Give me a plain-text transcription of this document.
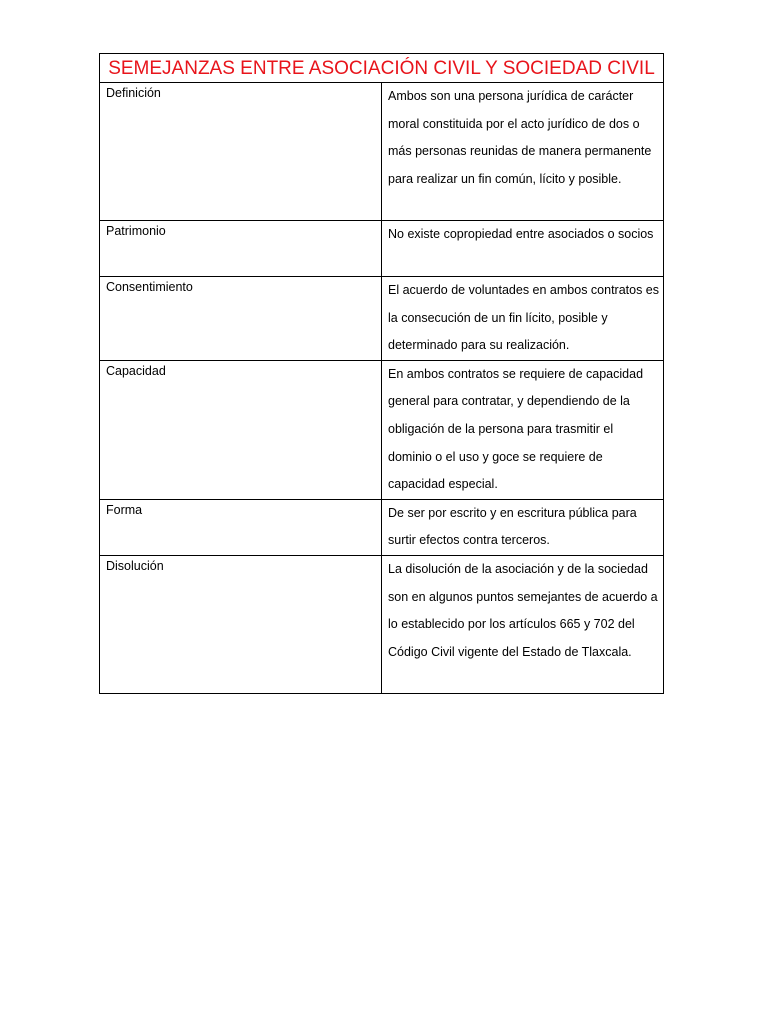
SEMEJANZAS ENTRE ASOCIACIÓN CIVIL Y SOCIEDAD CIVIL	
Definición	Ambos son una persona jurídica de carácter moral constituida por el acto jurídico de dos o más personas reunidas de manera permanente para realizar un fin común, lícito y posible.
Patrimonio	No existe copropiedad entre asociados o socios
Consentimiento	El acuerdo de voluntades en ambos contratos es la consecución de un fin lícito, posible y determinado para su realización.
Capacidad	En ambos contratos se requiere de capacidad general para contratar, y dependiendo de la obligación de la persona para trasmitir el dominio o el uso y goce se requiere de capacidad especial.
Forma	De ser por escrito y en escritura pública para surtir efectos contra terceros.
Disolución	La disolución de la asociación y de la sociedad son en algunos puntos semejantes de acuerdo a lo establecido por los artículos 665 y 702 del Código Civil vigente del Estado de Tlaxcala.
